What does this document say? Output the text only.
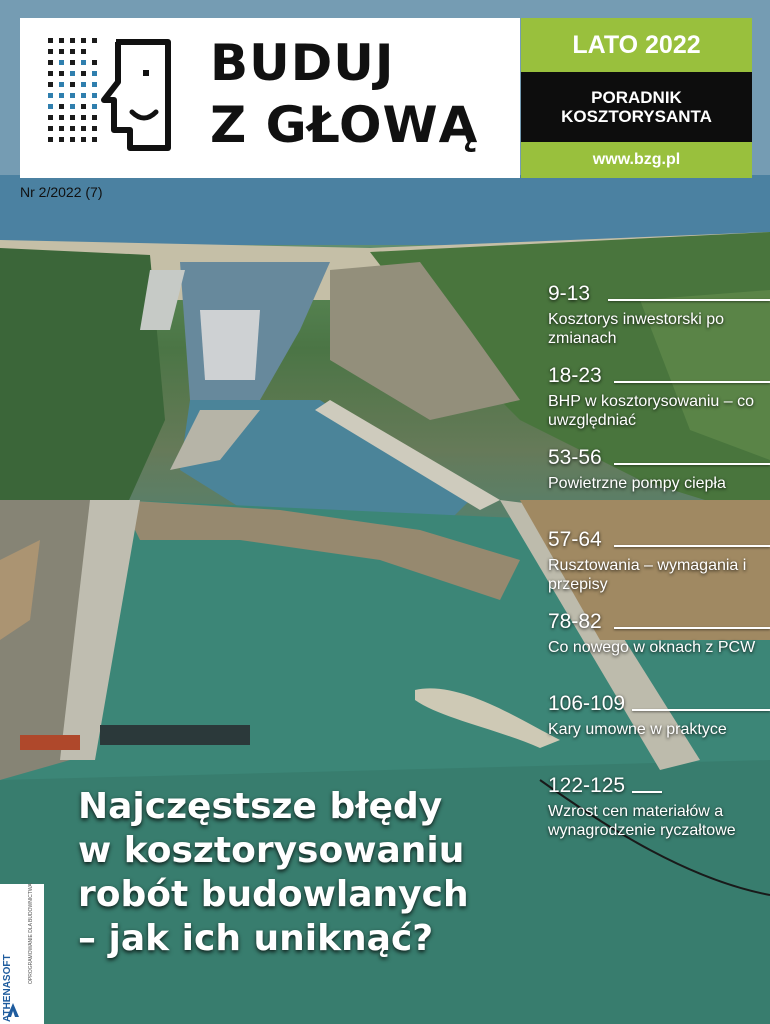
BUDUJ
Z GŁOWĄ
LATO 2022
PORADNIK
KOSZTORYSANTA
www.bzg.pl
Nr 2/2022 (7)
9-13
Kosztorys inwestorski po zmianach
18-23
BHP w kosztorysowaniu – co uwzględniać
53-56
Powietrzne pompy ciepła
57-64
Rusztowania – wymagania i przepisy
78-82
Co nowego w oknach z PCW
106-109
Kary umowne w praktyce
122-125
Wzrost cen materiałów a wynagrodzenie ryczałtowe
Najczęstsze błędy
w kosztorysowaniu
robót budowlanych
– jak ich uniknąć?
ATHENASOFT
OPROGRAMOWANIE DLA BUDOWNICTWA
